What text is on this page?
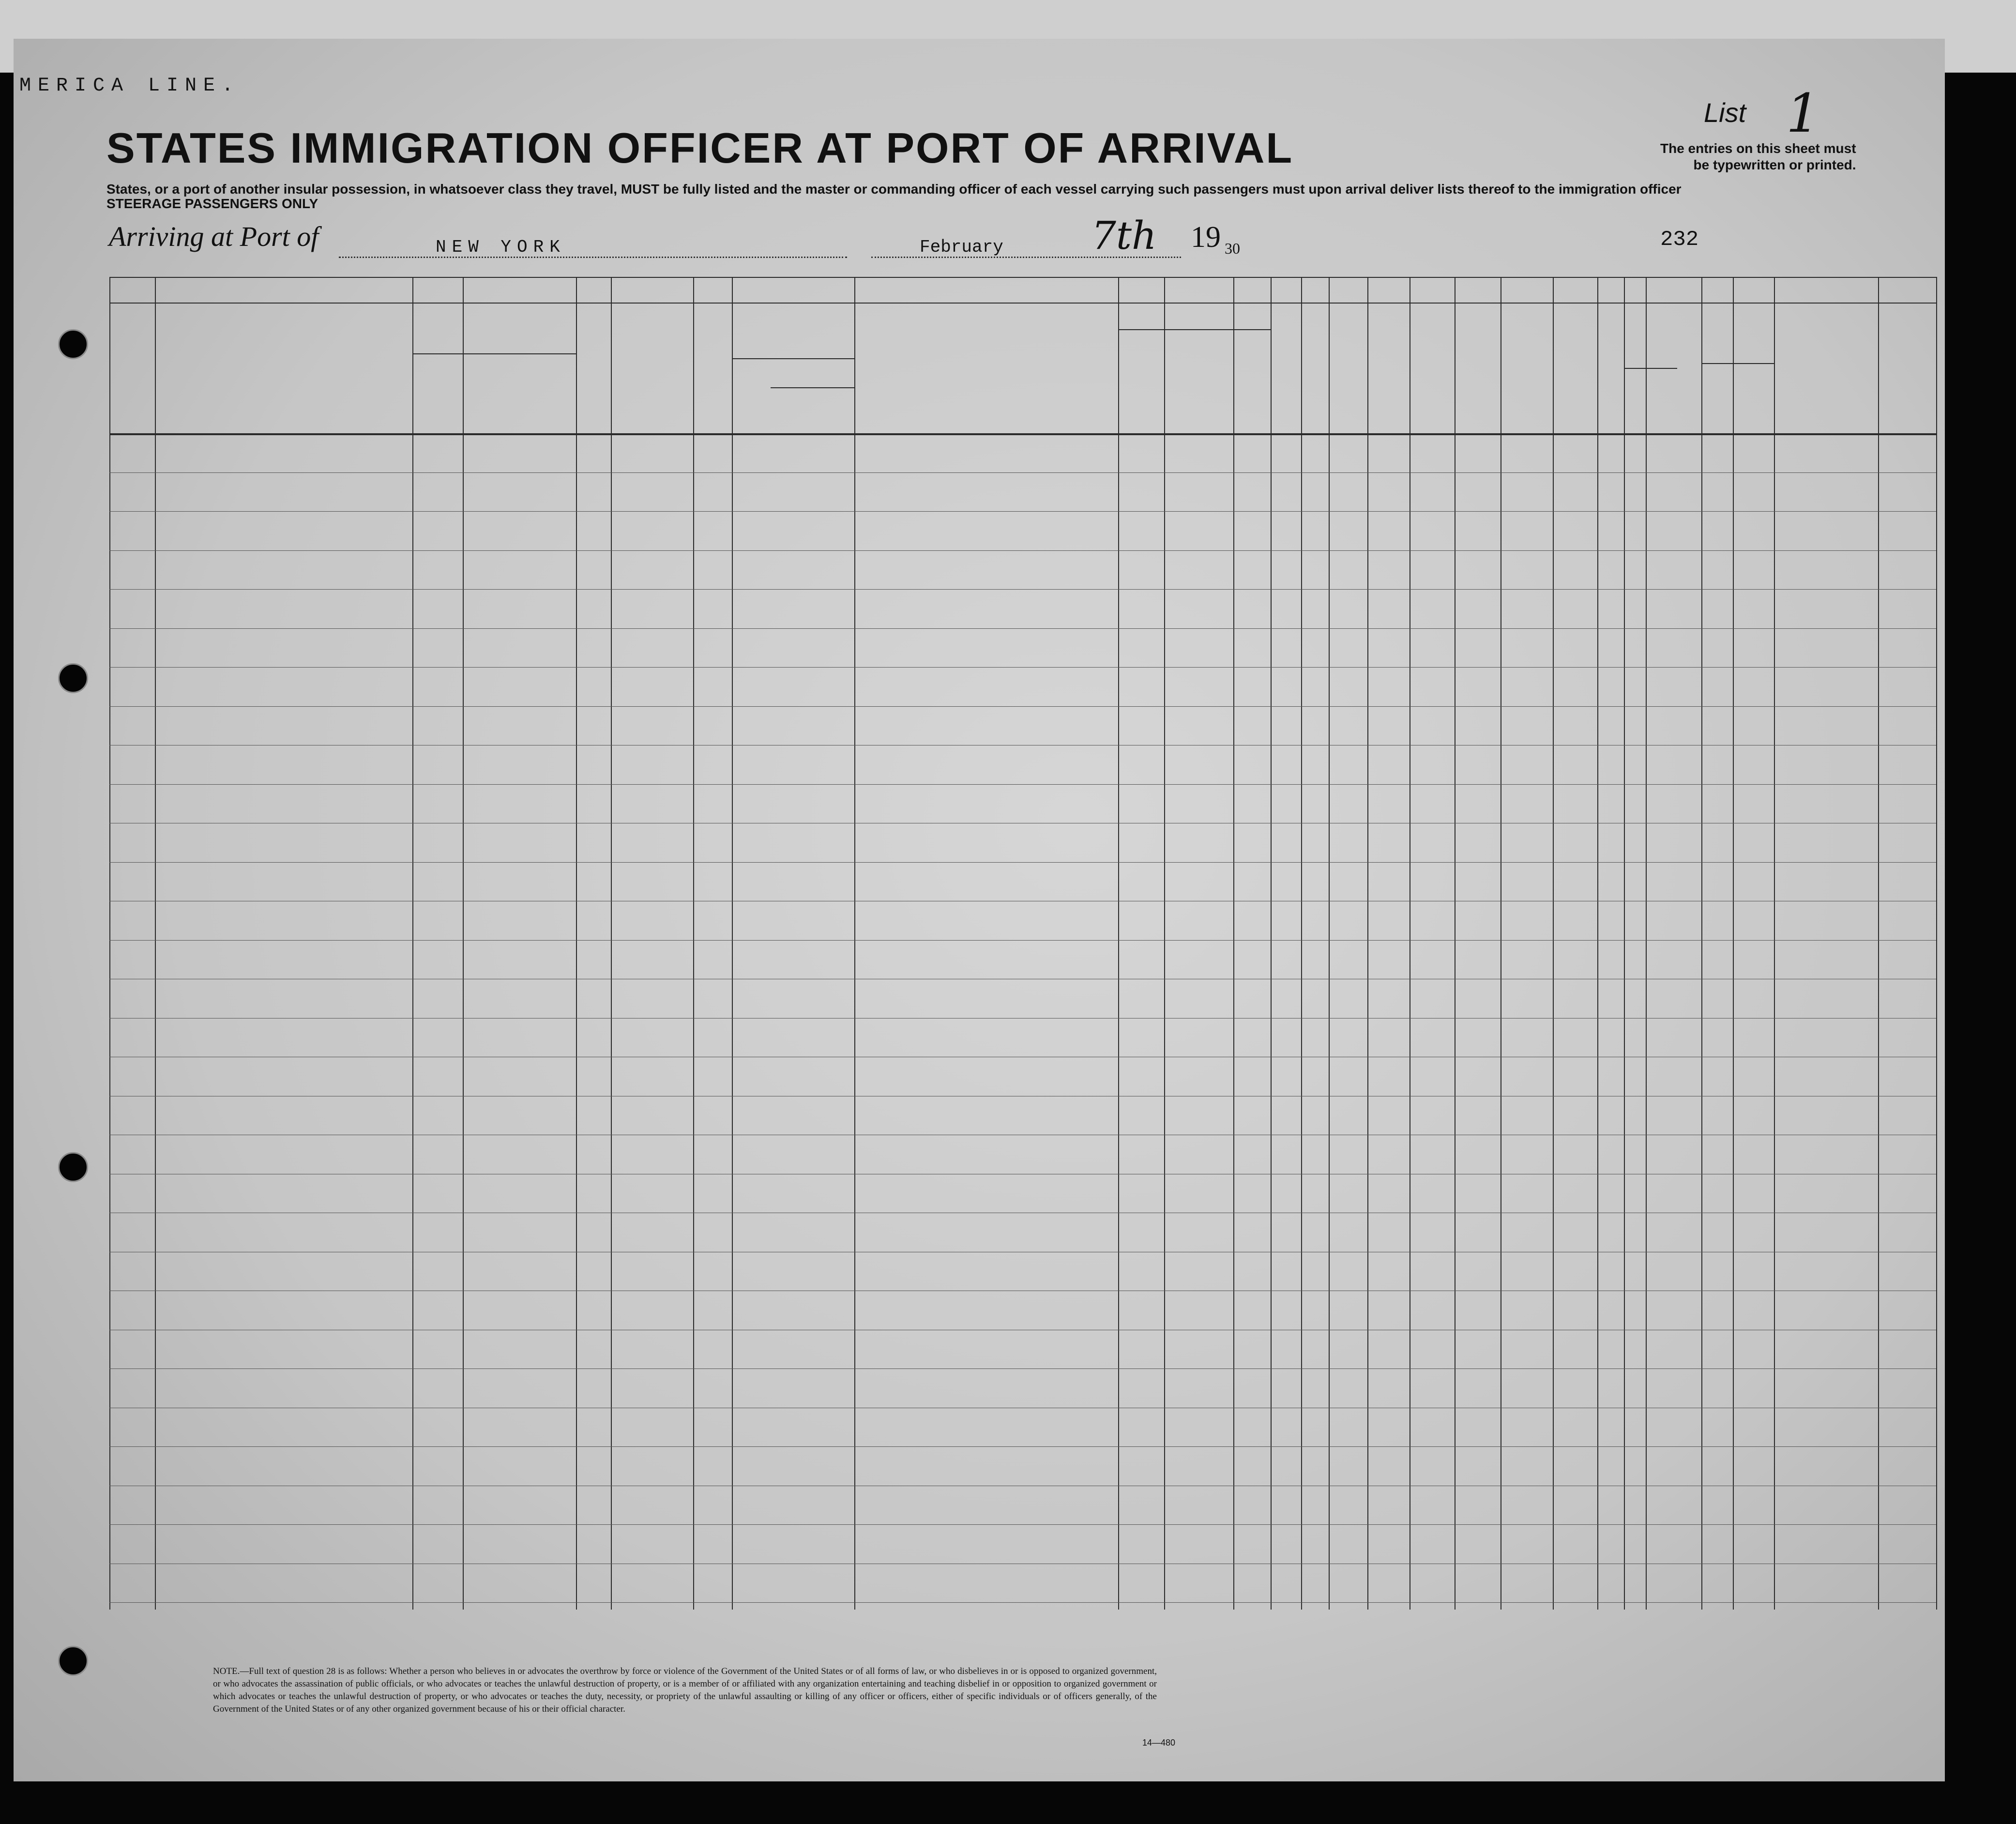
MERICA LINE.
STATES IMMIGRATION OFFICER AT PORT OF ARRIVAL
States, or a port of another insular possession, in whatsoever class they travel, MUST be fully listed and the master or commanding officer of each vessel carrying such passengers must upon arrival deliver lists thereof to the immigration officer
STEERAGE PASSENGERS ONLY
List 1
The entries on this sheet must
be typewritten or printed.
Arriving at Port of	NEW YORK	February 7th 19 30	232
NOTE.—Full text of question 28 is as follows: Whether a person who believes in or advocates the overthrow by force or violence of the Government of the United States or of all forms of law, or who disbelieves in or is opposed to organized government, or who advocates the assassination of public officials, or who advocates or teaches the unlawful destruction of property, or is a member of or affiliated with any organization entertaining and teaching disbelief in or opposition to organized government or which advocates or teaches the unlawful destruction of property, or who advocates or teaches the duty, necessity, or propriety of the unlawful assaulting or killing of any officer or officers, either of specific individuals or of officers generally, of the Government of the United States or of any other organized government because of his or their official character.
14—480
